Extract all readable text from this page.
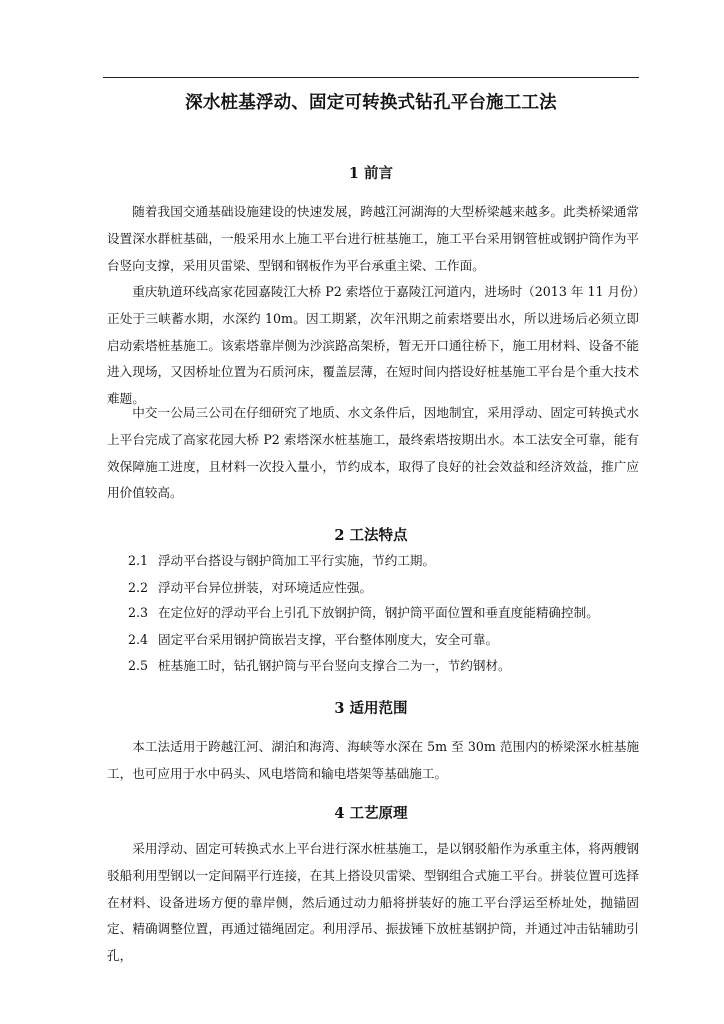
深水桩基浮动、固定可转换式钻孔平台施工工法
1 前言

随着我国交通基础设施建设的快速发展，跨越江河湖海的大型桥梁越来越多。此类桥梁通常设置深水群桩基础，一般采用水上施工平台进行桩基施工，施工平台采用钢管桩或钢护筒作为平台竖向支撑，采用贝雷梁、型钢和钢板作为平台承重主梁、工作面。

重庆轨道环线高家花园嘉陵江大桥 P2 索塔位于嘉陵江河道内，进场时（2013 年 11 月份）正处于三峡蓄水期，水深约 10m。因工期紧，次年汛期之前索塔要出水，所以进场后必须立即启动索塔桩基施工。该索塔靠岸侧为沙滨路高架桥，暂无开口通往桥下，施工用材料、设备不能进入现场，又因桥址位置为石质河床，覆盖层薄，在短时间内搭设好桩基施工平台是个重大技术难题。

中交一公局三公司在仔细研究了地质、水文条件后，因地制宜，采用浮动、固定可转换式水上平台完成了高家花园大桥 P2 索塔深水桩基施工，最终索塔按期出水。本工法安全可靠，能有效保障施工进度，且材料一次投入量小，节约成本，取得了良好的社会效益和经济效益，推广应用价值较高。

2 工法特点
2.1 浮动平台搭设与钢护筒加工平行实施，节约工期。
2.2 浮动平台异位拼装，对环境适应性强。
2.3 在定位好的浮动平台上引孔下放钢护筒，钢护筒平面位置和垂直度能精确控制。
2.4 固定平台采用钢护筒嵌岩支撑，平台整体刚度大，安全可靠。
2.5 桩基施工时，钻孔钢护筒与平台竖向支撑合二为一，节约钢材。
3 适用范围

本工法适用于跨越江河、湖泊和海湾、海峡等水深在 5m 至 30m 范围内的桥梁深水桩基施工，也可应用于水中码头、风电塔筒和输电塔架等基础施工。

4 工艺原理

采用浮动、固定可转换式水上平台进行深水桩基施工，是以钢驳船作为承重主体，将两艘钢驳船利用型钢以一定间隔平行连接，在其上搭设贝雷梁、型钢组合式施工平台。拼装位置可选择在材料、设备进场方便的靠岸侧，然后通过动力船将拼装好的施工平台浮运至桥址处，抛锚固定、精确调整位置，再通过锚绳固定。利用浮吊、振拔锤下放桩基钢护筒，并通过冲击钻辅助引孔，
